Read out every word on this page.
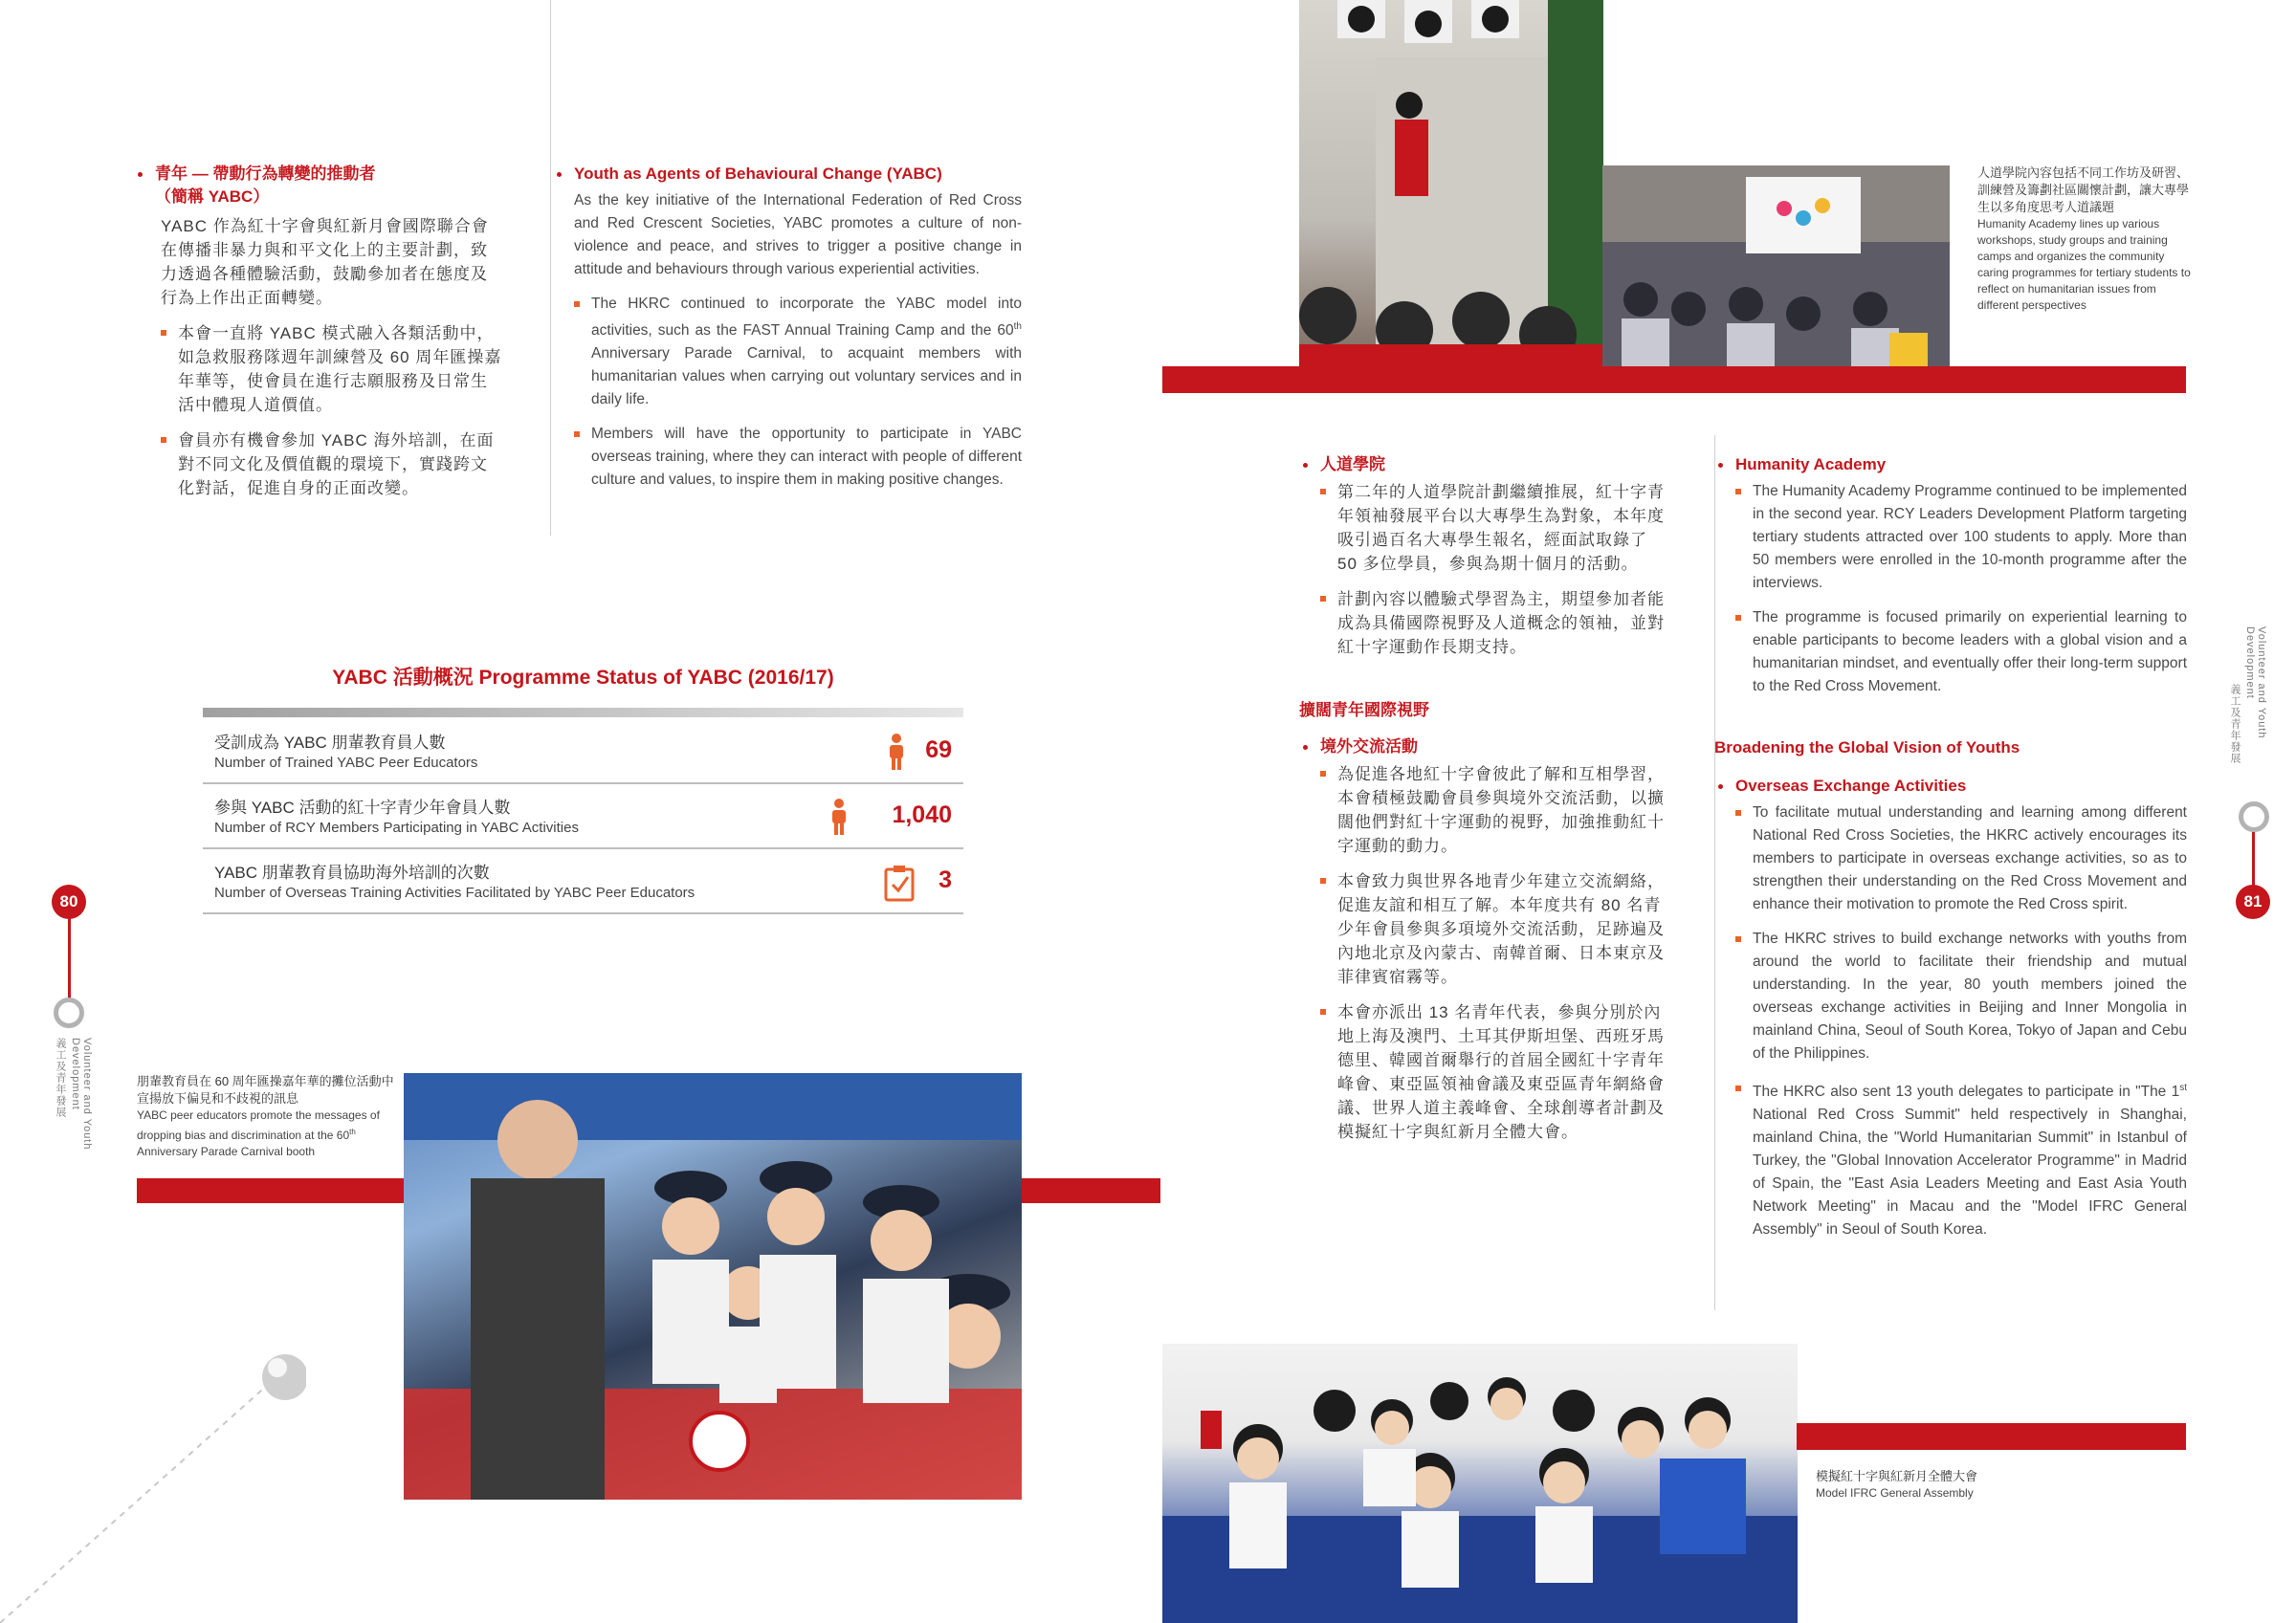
青年 — 帶動行為轉變的推動者
（簡稱 YABC）
YABC 作為紅十字會與紅新月會國際聯合會在傳播非暴力與和平文化上的主要計劃，致力透過各種體驗活動，鼓勵參加者在態度及行為上作出正面轉變。
本會一直將 YABC 模式融入各類活動中，如急救服務隊週年訓練營及 60 周年匯操嘉年華等，使會員在進行志願服務及日常生活中體現人道價值。
會員亦有機會參加 YABC 海外培訓，在面對不同文化及價值觀的環境下，實踐跨文化對話，促進自身的正面改變。
Youth as Agents of Behavioural Change (YABC)
As the key initiative of the International Federation of Red Cross and Red Crescent Societies, YABC promotes a culture of non-violence and peace, and strives to trigger a positive change in attitude and behaviours through various experiential activities.
The HKRC continued to incorporate the YABC model into activities, such as the FAST Annual Training Camp and the 60th Anniversary Parade Carnival, to acquaint members with humanitarian values when carrying out voluntary services and in daily life.
Members will have the opportunity to participate in YABC overseas training, where they can interact with people of different culture and values, to inspire them in making positive changes.
YABC 活動概況 Programme Status of YABC (2016/17)
受訓成為 YABC 朋輩教育員人數
Number of Trained YABC Peer Educators	69
參與 YABC 活動的紅十字青少年會員人數
Number of RCY Members Participating in YABC Activities	1,040
YABC 朋輩教育員協助海外培訓的次數
Number of Overseas Training Activities Facilitated by YABC Peer Educators	3
80
義工及青年發展	Volunteer and Youth Development	朋輩教育員在 60 周年匯操嘉年華的攤位活動中宣揚放下偏見和不歧視的訊息
YABC peer educators promote the messages of dropping bias and discrimination at the 60th Anniversary Parade Carnival booth
人道學院內容包括不同工作坊及研習、訓練營及籌劃社區關懷計劃，讓大專學生以多角度思考人道議題
Humanity Academy lines up various workshops, study groups and training camps and organizes the community caring programmes for tertiary students to reflect on humanitarian issues from different perspectives
人道學院
第二年的人道學院計劃繼續推展，紅十字青年領袖發展平台以大專學生為對象，本年度吸引過百名大專學生報名，經面試取錄了 50 多位學員，參與為期十個月的活動。
計劃內容以體驗式學習為主，期望參加者能成為具備國際視野及人道概念的領袖，並對紅十字運動作長期支持。
擴闊青年國際視野
境外交流活動
為促進各地紅十字會彼此了解和互相學習，本會積極鼓勵會員參與境外交流活動，以擴闊他們對紅十字運動的視野，加強推動紅十字運動的動力。
本會致力與世界各地青少年建立交流網絡，促進友誼和相互了解。本年度共有 80 名青少年會員參與多項境外交流活動，足跡遍及內地北京及內蒙古、南韓首爾、日本東京及菲律賓宿霧等。
本會亦派出 13 名青年代表，參與分別於內地上海及澳門、土耳其伊斯坦堡、西班牙馬德里、韓國首爾舉行的首屆全國紅十字青年峰會、東亞區領袖會議及東亞區青年網絡會議、世界人道主義峰會、全球創導者計劃及模擬紅十字與紅新月全體大會。
Humanity Academy
The Humanity Academy Programme continued to be implemented in the second year. RCY Leaders Development Platform targeting tertiary students attracted over 100 students to apply. More than 50 members were enrolled in the 10-month programme after the interviews.
The programme is focused primarily on experiential learning to enable participants to become leaders with a global vision and a humanitarian mindset, and eventually offer their long-term support to the Red Cross Movement.
Broadening the Global Vision of Youths
Overseas Exchange Activities
To facilitate mutual understanding and learning among different National Red Cross Societies, the HKRC actively encourages its members to participate in overseas exchange activities, so as to strengthen their understanding on the Red Cross Movement and enhance their motivation to promote the Red Cross spirit.
The HKRC strives to build exchange networks with youths from around the world to facilitate their friendship and mutual understanding. In the year, 80 youth members joined the overseas exchange activities in Beijing and Inner Mongolia in mainland China, Seoul of South Korea, Tokyo of Japan and Cebu of the Philippines.
The HKRC also sent 13 youth delegates to participate in "The 1st National Red Cross Summit" held respectively in Shanghai, mainland China, the "World Humanitarian Summit" in Istanbul of Turkey, the "Global Innovation Accelerator Programme" in Madrid of Spain, the "East Asia Leaders Meeting and East Asia Youth Network Meeting" in Macau and the "Model IFRC General Assembly" in Seoul of South Korea.
Volunteer and Youth Development
義工及青年發展
81
模擬紅十字與紅新月全體大會
Model IFRC General Assembly
